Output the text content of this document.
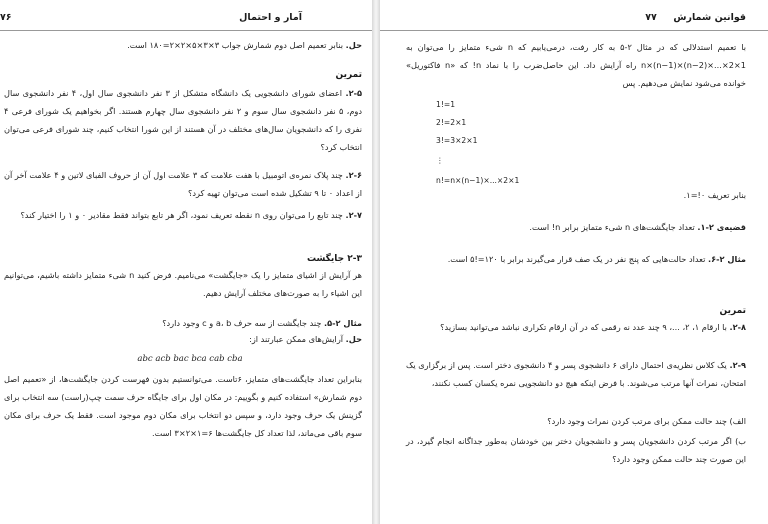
۷۶	آمار و احتمال
حل. بنابر تعمیم اصل دوم شمارش جواب ۳×۳×۵×۲×۲=۱۸۰ است.
تمرین
۲-۵. اعضای شورای دانشجویی یک دانشگاه متشکل از ۳ نفر دانشجوی سال اول، ۴ نفر دانشجوی سال دوم، ۵ نفر دانشجوی سال سوم و ۲ نفر دانشجوی سال چهارم هستند. اگر بخواهیم یک شورای فرعی ۴ نفری را که دانشجویان سال‌های مختلف در آن هستند از این شورا انتخاب کنیم، چند شورای فرعی می‌توان انتخاب کرد؟
۲-۶. چند پلاک نمره‌ی اتومبیل با هفت علامت که ۳ علامت اول آن از حروف الفبای لاتین و ۴ علامت آخر آن از اعداد ۰ تا ۹ تشکیل شده است می‌توان تهیه کرد؟
۲-۷. چند تابع را می‌توان روی n نقطه تعریف نمود، اگر هر تابع بتواند فقط مقادیر ۰ و ۱ را اختیار کند؟
۲-۳ جایگشت
هر آرایش از اشیای متمایز را یک «جایگشت» می‌نامیم. فرض کنید n شیء متمایز داشته باشیم، می‌توانیم این اشیاء را به صورت‌های مختلف آرایش دهیم.
مثال ۲-۵. چند جایگشت از سه حرف a، b و c وجود دارد؟
حل. آرایش‌های ممکن عبارتند از:
abc acb bac bca cab cba
بنابراین تعداد جایگشت‌های متمایز، ۶تاست. می‌توانستیم بدون فهرست کردن جایگشت‌ها، از «تعمیم اصل دوم شمارش» استفاده کنیم و بگوییم: در مکان اول برای جایگاه حرف سمت چپ(راست) سه انتخاب برای گزینش یک حرف وجود دارد، و سپس دو انتخاب برای مکان دوم موجود است. فقط یک حرف برای مکان سوم باقی می‌ماند، لذا تعداد کل جایگشت‌ها ۶=۱×۲×۳ است.
قوانین شمارش     ۷۷
با تعمیم استدلالی که در مثال ۲-۵ به کار رفت، درمی‌یابیم که n شیء متمایز را می‌توان به n×(n−1)×(n−2)×...×2×1 راه آرایش داد. این حاصل‌ضرب را با نماد n! که «n فاکتوریل» خوانده می‌شود نمایش می‌دهیم. پس
1!=1
2!=2×1
3!=3×2×1
⋮
n!=n×(n−1)×...×2×1
بنابر تعریف ۰!=۱.
قضیه‌ی ۲-۱. تعداد جایگشت‌های n شیء متمایز برابر n! است.
مثال ۲-۶. تعداد حالت‌هایی که پنج نفر در یک صف قرار می‌گیرند برابر با ۱۲۰=!۵ است.
تمرین
۲-۸. با ارقام ۱، ۲، ...، ۹ چند عدد نه رقمی که در آن ارقام تکراری نباشد می‌توانید بسازید؟
۲-۹. یک کلاس نظریه‌ی احتمال دارای ۶ دانشجوی پسر و ۴ دانشجوی دختر است. پس از برگزاری یک امتحان، نمرات آنها مرتب می‌شوند. با فرض اینکه هیچ دو دانشجویی نمره یکسان کسب نکنند،
الف) چند حالت ممکن برای مرتب کردن نمرات وجود دارد؟
ب) اگر مرتب کردن دانشجویان پسر و دانشجویان دختر بین خودشان به‌طور جداگانه انجام گیرد، در این صورت چند حالت ممکن وجود دارد؟
